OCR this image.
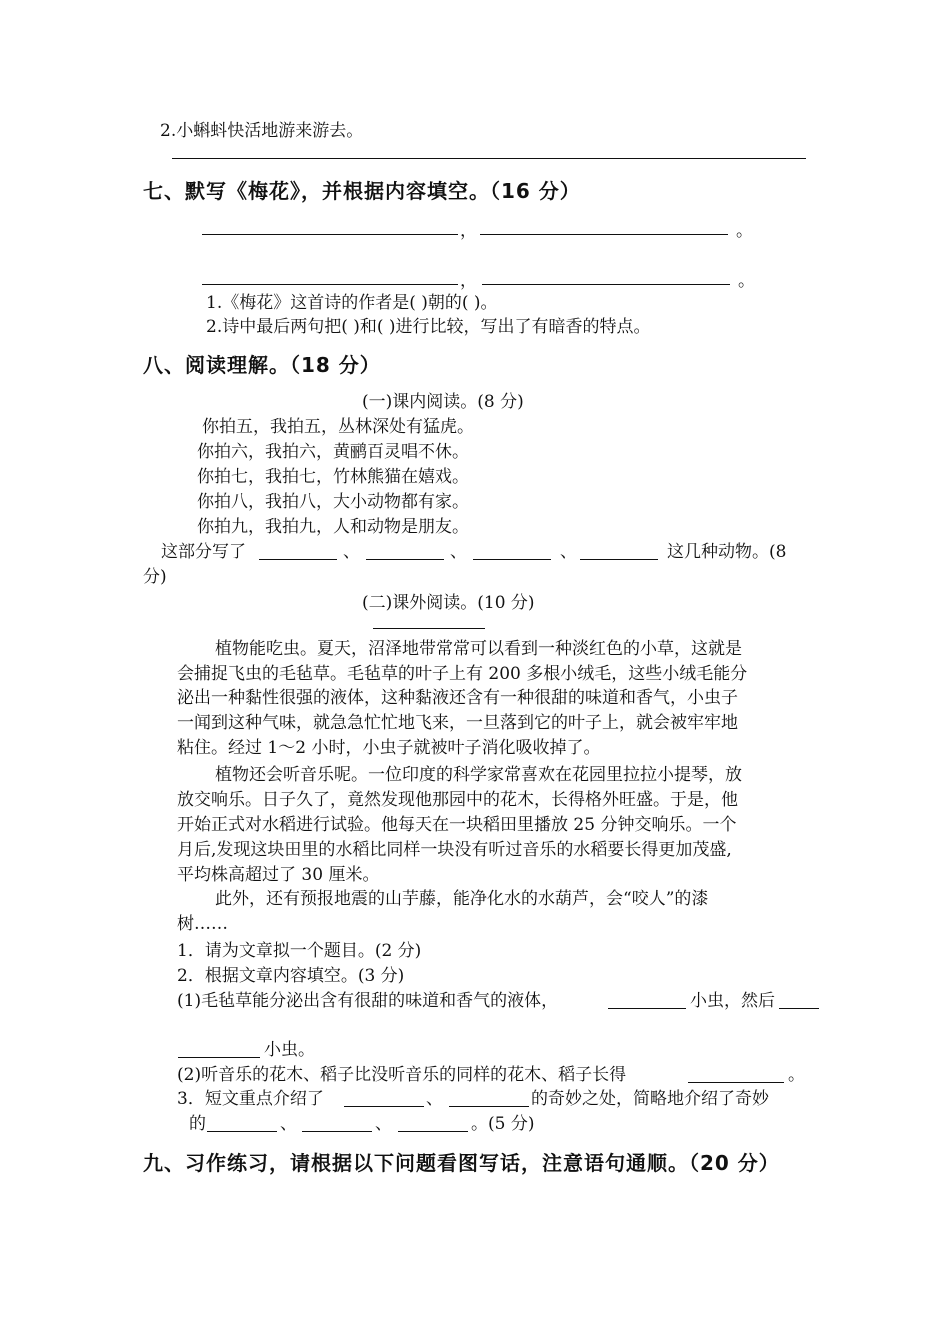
2.小蝌蚪快活地游来游去。
七、默写《梅花》，并根据内容填空。（16 分）
，	。
，	。
1.《梅花》这首诗的作者是( )朝的( )。
2.诗中最后两句把( )和( )进行比较，写出了有暗香的特点。
八、阅读理解。（18 分）
(一)课内阅读。(8 分)
你拍五，我拍五，丛林深处有猛虎。
你拍六，我拍六，黄鹂百灵唱不休。
你拍七，我拍七，竹林熊猫在嬉戏。
你拍八，我拍八，大小动物都有家。
你拍九，我拍九，人和动物是朋友。
这部分写了	、	、	、	这几种动物。(8
分)
(二)课外阅读。(10 分)
植物能吃虫。夏天，沼泽地带常常可以看到一种淡红色的小草，这就是
会捕捉飞虫的毛毡草。毛毡草的叶子上有 200 多根小绒毛，这些小绒毛能分
泌出一种黏性很强的液体，这种黏液还含有一种很甜的味道和香气，小虫子
一闻到这种气味，就急急忙忙地飞来，一旦落到它的叶子上，就会被牢牢地
粘住。经过 1～2 小时，小虫子就被叶子消化吸收掉了。
植物还会听音乐呢。一位印度的科学家常喜欢在花园里拉拉小提琴，放
放交响乐。日子久了，竟然发现他那园中的花木，长得格外旺盛。于是，他
开始正式对水稻进行试验。他每天在一块稻田里播放 25 分钟交响乐。一个
月后,发现这块田里的水稻比同样一块没有听过音乐的水稻要长得更加茂盛,
平均株高超过了 30 厘米。
此外，还有预报地震的山芋藤，能净化水的水葫芦，会“咬人”的漆
树……
1．请为文章拟一个题目。(2 分)
2．根据文章内容填空。(3 分)
(1)毛毡草能分泌出含有很甜的味道和香气的液体，	小虫，然后
小虫。
(2)听音乐的花木、稻子比没听音乐的同样的花木、稻子长得	。
3．短文重点介绍了	、	的奇妙之处，简略地介绍了奇妙
的	、	、	。(5 分)
九、习作练习，请根据以下问题看图写话，注意语句通顺。（20 分）
